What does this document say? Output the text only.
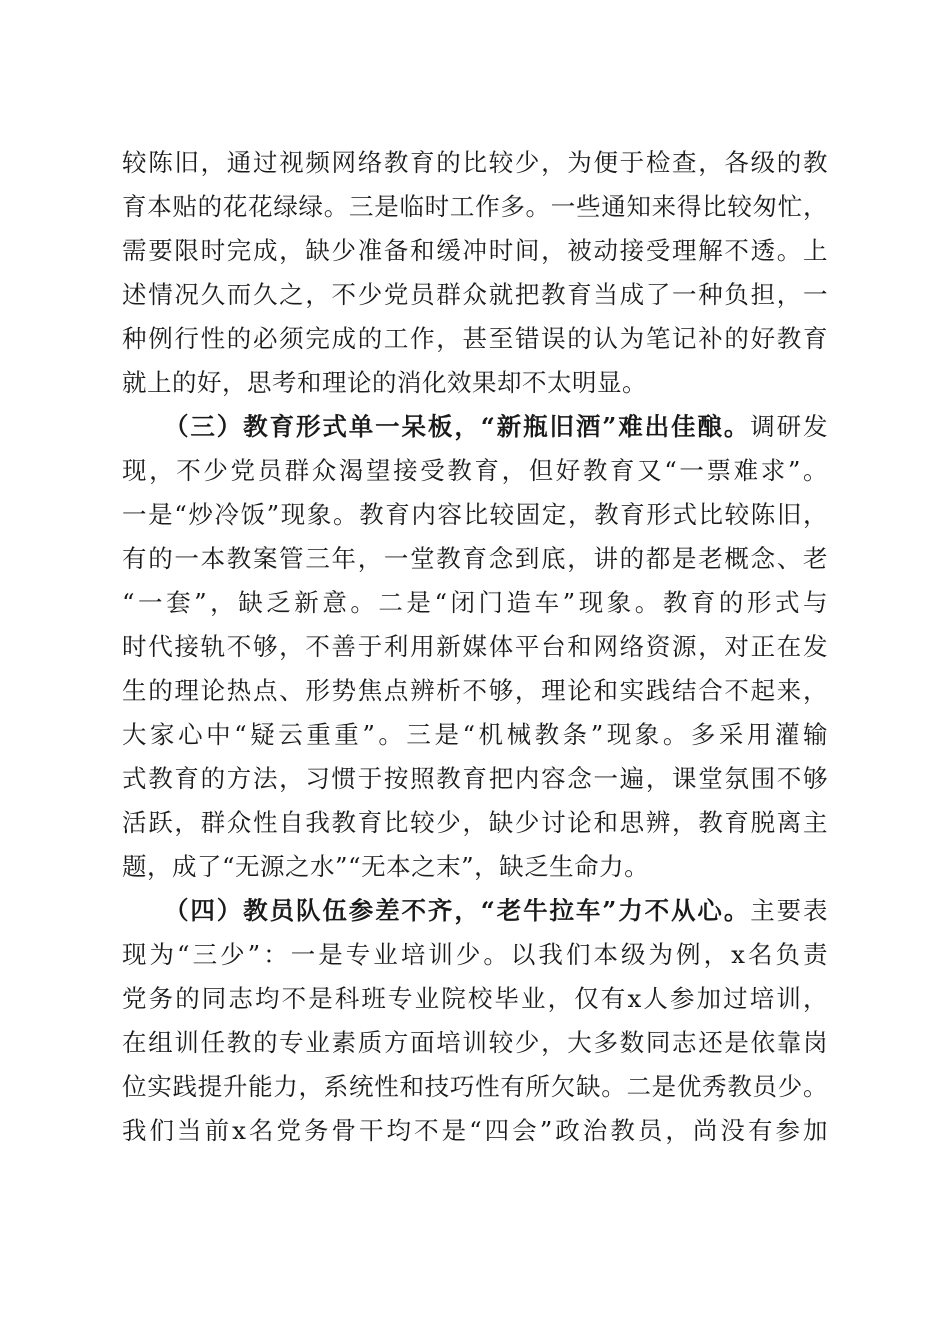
较陈旧，通过视频网络教育的比较少，为便于检查，各级的教
育本贴的花花绿绿。三是临时工作多。一些通知来得比较匆忙，
需要限时完成，缺少准备和缓冲时间，被动接受理解不透。上
述情况久而久之，不少党员群众就把教育当成了一种负担，一
种例行性的必须完成的工作，甚至错误的认为笔记补的好教育
就上的好，思考和理论的消化效果却不太明显。
（三）教育形式单一呆板，“新瓶旧酒”难出佳酿。调研发
现，不少党员群众渴望接受教育，但好教育又“一票难求”。
一是“炒冷饭”现象。教育内容比较固定，教育形式比较陈旧，
有的一本教案管三年，一堂教育念到底，讲的都是老概念、老
“一套”，缺乏新意。二是“闭门造车”现象。教育的形式与
时代接轨不够，不善于利用新媒体平台和网络资源，对正在发
生的理论热点、形势焦点辨析不够，理论和实践结合不起来，
大家心中“疑云重重”。三是“机械教条”现象。多采用灌输
式教育的方法，习惯于按照教育把内容念一遍，课堂氛围不够
活跃，群众性自我教育比较少，缺少讨论和思辨，教育脱离主
题，成了“无源之水”“无本之末”，缺乏生命力。
（四）教员队伍参差不齐，“老牛拉车”力不从心。主要表
现为“三少”：一是专业培训少。以我们本级为例，x名负责
党务的同志均不是科班专业院校毕业，仅有x人参加过培训，
在组训任教的专业素质方面培训较少，大多数同志还是依靠岗
位实践提升能力，系统性和技巧性有所欠缺。二是优秀教员少。
我们当前x名党务骨干均不是“四会”政治教员，尚没有参加
